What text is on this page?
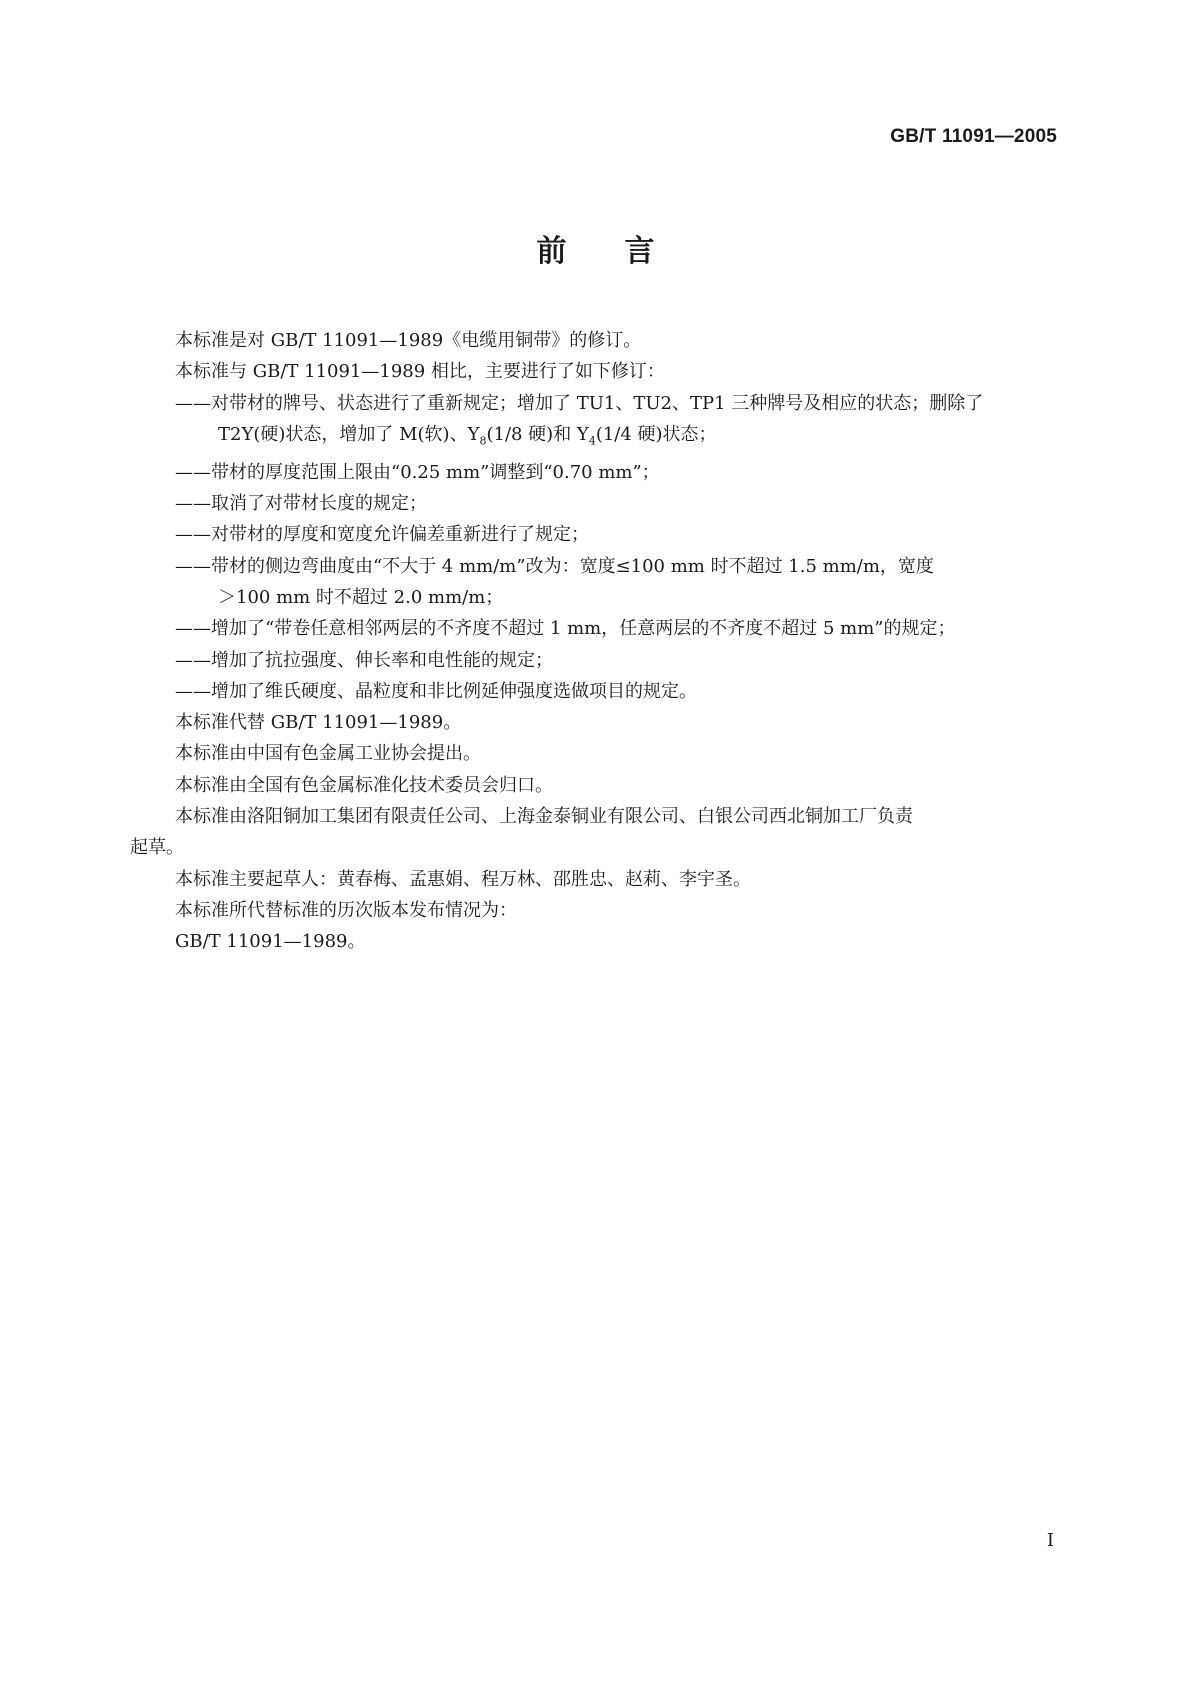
GB/T 11091—2005
前 言
本标准是对 GB/T 11091—1989《电缆用铜带》的修订。
本标准与 GB/T 11091—1989 相比，主要进行了如下修订：
——对带材的牌号、状态进行了重新规定；增加了 TU1、TU2、TP1 三种牌号及相应的状态；删除了
T2Y(硬)状态，增加了 M(软)、$Y_8(1/8$ 硬)和 $Y_4(1/4$ 硬)状态；
——带材的厚度范围上限由“0.25 mm”调整到“0.70 mm”；
——取消了对带材长度的规定；
——对带材的厚度和宽度允许偏差重新进行了规定；
——带材的侧边弯曲度由“不大于 4 mm/m”改为：宽度≤100 mm 时不超过 1.5 mm/m，宽度
＞100 mm 时不超过 2.0 mm/m；
——增加了“带卷任意相邻两层的不齐度不超过 1 mm，任意两层的不齐度不超过 5 mm”的规定；
——增加了抗拉强度、伸长率和电性能的规定；
——增加了维氏硬度、晶粒度和非比例延伸强度选做项目的规定。
本标准代替 GB/T 11091—1989。
本标准由中国有色金属工业协会提出。
本标准由全国有色金属标准化技术委员会归口。
本标准由洛阳铜加工集团有限责任公司、上海金泰铜业有限公司、白银公司西北铜加工厂负责
起草。
本标准主要起草人：黄春梅、孟惠娟、程万林、邵胜忠、赵莉、李宇圣。
本标准所代替标准的历次版本发布情况为：
GB/T 11091—1989。
I
